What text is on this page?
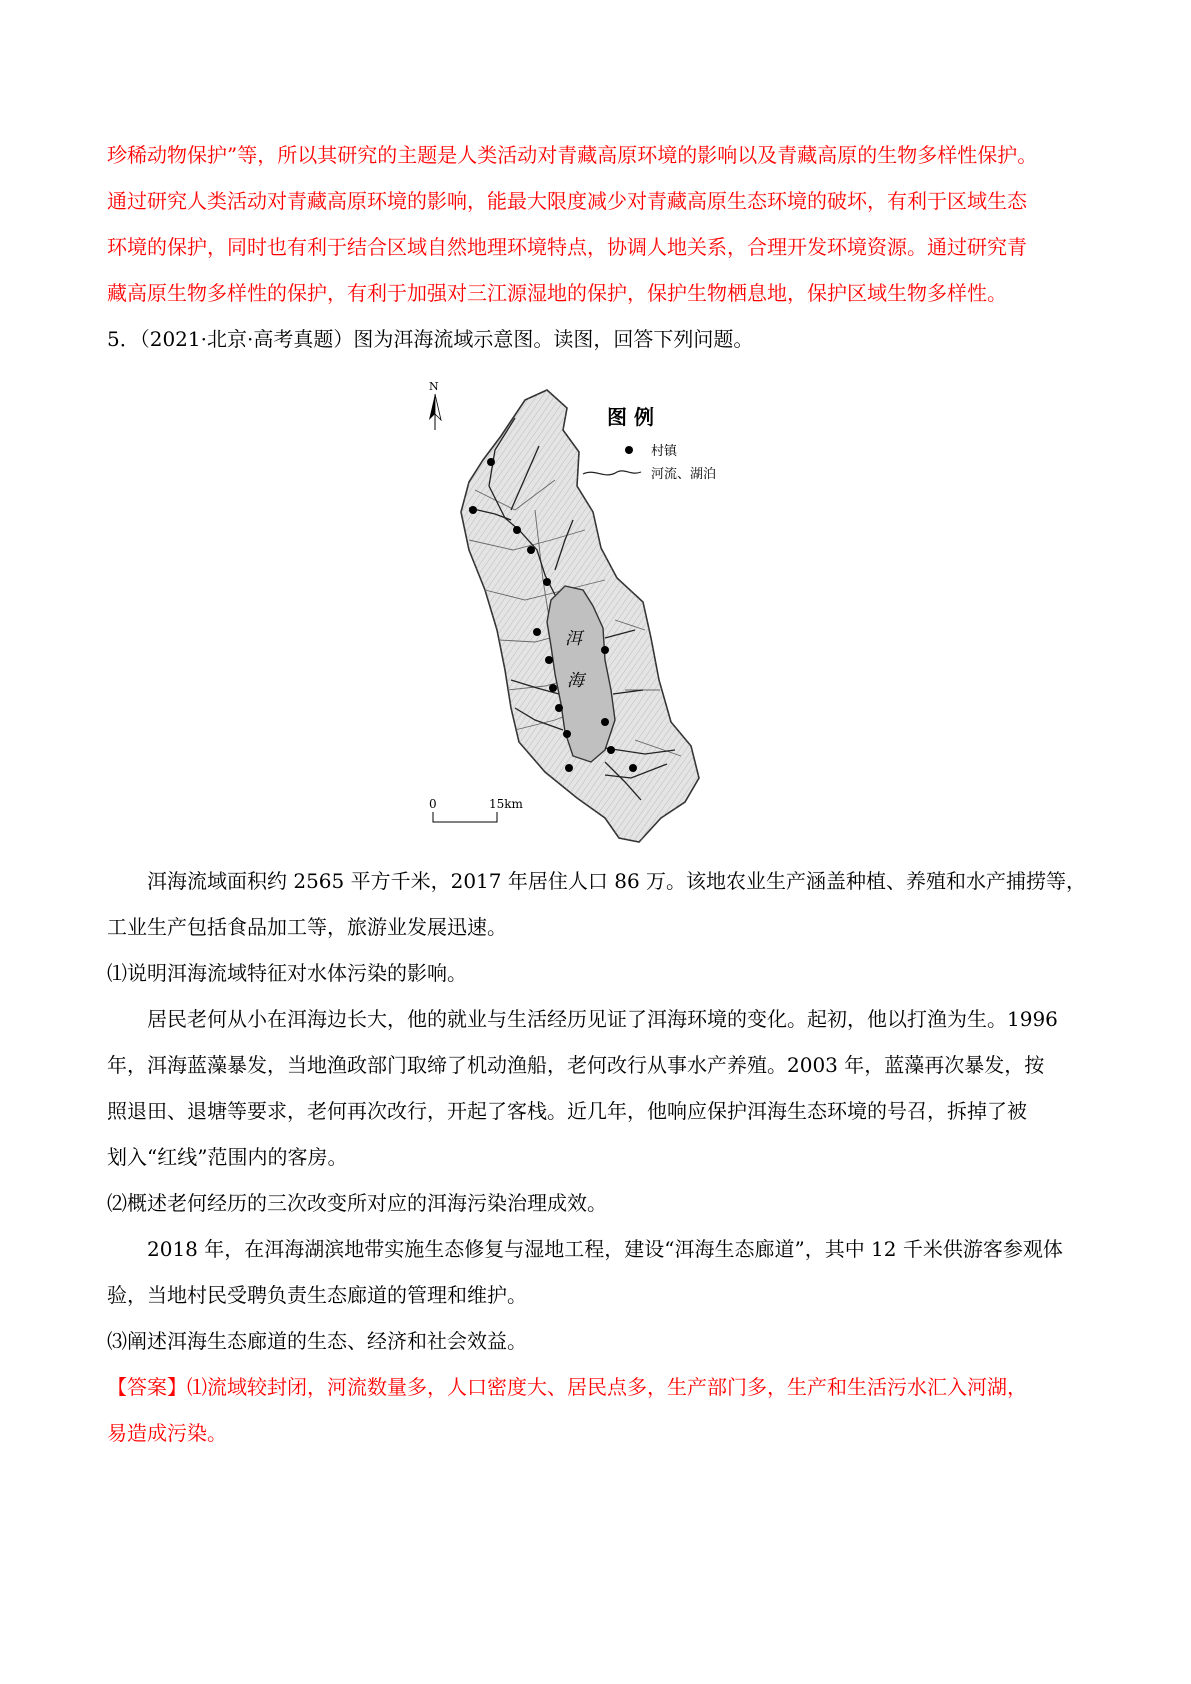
珍稀动物保护”等，所以其研究的主题是人类活动对青藏高原环境的影响以及青藏高原的生物多样性保护。

通过研究人类活动对青藏高原环境的影响，能最大限度减少对青藏高原生态环境的破坏，有利于区域生态

环境的保护，同时也有利于结合区域自然地理环境特点，协调人地关系，合理开发环境资源。通过研究青

藏高原生物多样性的保护，有利于加强对三江源湿地的保护，保护生物栖息地，保护区域生物多样性。

5．（2021·北京·高考真题）图为洱海流域示意图。读图，回答下列问题。

N
图 例
村镇
河流、湖泊
洱
海
0	15km

洱海流域面积约 2565 平方千米，2017 年居住人口 86 万。该地农业生产涵盖种植、养殖和水产捕捞等，

工业生产包括食品加工等，旅游业发展迅速。

⑴说明洱海流域特征对水体污染的影响。

居民老何从小在洱海边长大，他的就业与生活经历见证了洱海环境的变化。起初，他以打渔为生。1996

年，洱海蓝藻暴发，当地渔政部门取缔了机动渔船，老何改行从事水产养殖。2003 年，蓝藻再次暴发，按

照退田、退塘等要求，老何再次改行，开起了客栈。近几年，他响应保护洱海生态环境的号召，拆掉了被

划入“红线”范围内的客房。

⑵概述老何经历的三次改变所对应的洱海污染治理成效。

2018 年，在洱海湖滨地带实施生态修复与湿地工程，建设“洱海生态廊道”，其中 12 千米供游客参观体

验，当地村民受聘负责生态廊道的管理和维护。

⑶阐述洱海生态廊道的生态、经济和社会效益。

【答案】⑴流域较封闭，河流数量多，人口密度大、居民点多，生产部门多，生产和生活污水汇入河湖，

易造成污染。
